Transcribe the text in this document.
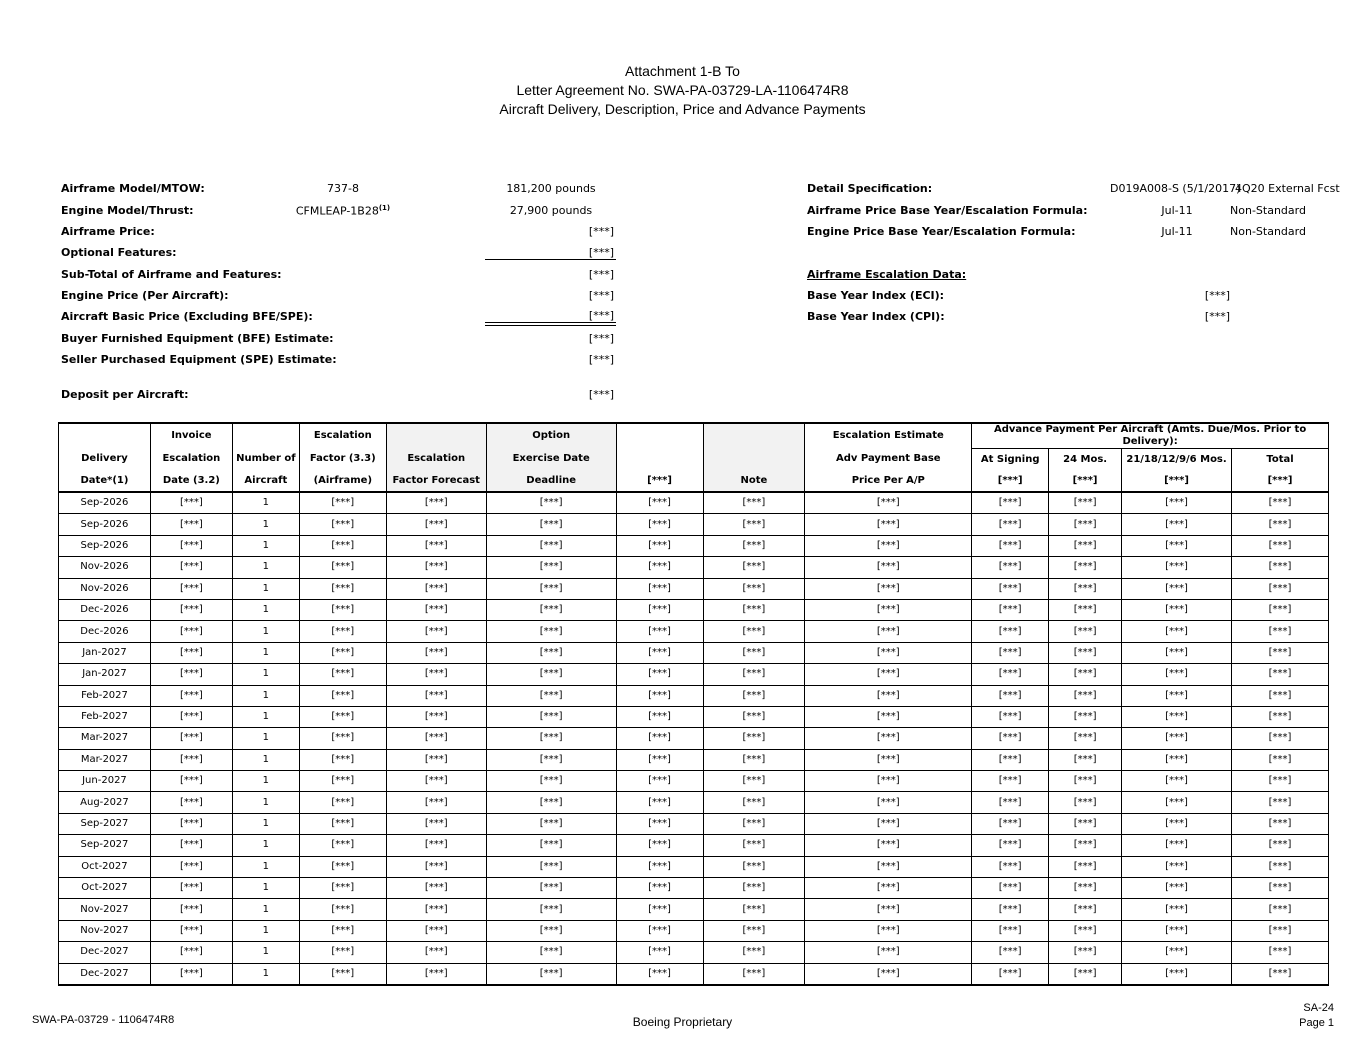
Attachment 1-B To
Letter Agreement No. SWA-PA-03729-LA-1106474R8
Aircraft Delivery, Description, Price and Advance Payments
Airframe Model/MTOW:	737-8	181,200 pounds
Engine Model/Thrust:	CFMLEAP-1B28$^{(1)}$	27,900 pounds
Airframe Price:	[***]
Optional Features:	[***]
Sub-Total of Airframe and Features:	[***]
Engine Price (Per Aircraft):	[***]
Aircraft Basic Price (Excluding BFE/SPE):	[***]
Buyer Furnished Equipment (BFE) Estimate:	[***]
Seller Purchased Equipment (SPE) Estimate:	[***]
Deposit per Aircraft:	[***]
Detail Specification:	D019A008-S (5/1/2017)
4Q20 External Fcst
Airframe Price Base Year/Escalation Formula:	Jul-11	Non-Standard
Engine Price Base Year/Escalation Formula:	Jul-11	Non-Standard
Airframe Escalation Data:
Base Year Index (ECI):	[***]
Base Year Index (CPI):	[***]
	Invoice		Escalation		Option			Escalation Estimate	Advance Payment Per Aircraft (Amts. Due/Mos. Prior to Delivery):			
Delivery	Escalation	Number of	Factor (3.3)	Escalation	Exercise Date			Adv Payment Base	At Signing	24 Mos.	21/18/12/9/6 Mos.	Total
Date*(1)	Date (3.2)	Aircraft	(Airframe)	Factor Forecast	Deadline	[***]	Note	Price Per A/P	[***]	[***]	[***]	[***]
Sep-2026	[***]	1	[***]	[***]	[***]	[***]	[***]	[***]	[***]	[***]	[***]	[***]
Sep-2026	[***]	1	[***]	[***]	[***]	[***]	[***]	[***]	[***]	[***]	[***]	[***]
Sep-2026	[***]	1	[***]	[***]	[***]	[***]	[***]	[***]	[***]	[***]	[***]	[***]
Nov-2026	[***]	1	[***]	[***]	[***]	[***]	[***]	[***]	[***]	[***]	[***]	[***]
Nov-2026	[***]	1	[***]	[***]	[***]	[***]	[***]	[***]	[***]	[***]	[***]	[***]
Dec-2026	[***]	1	[***]	[***]	[***]	[***]	[***]	[***]	[***]	[***]	[***]	[***]
Dec-2026	[***]	1	[***]	[***]	[***]	[***]	[***]	[***]	[***]	[***]	[***]	[***]
Jan-2027	[***]	1	[***]	[***]	[***]	[***]	[***]	[***]	[***]	[***]	[***]	[***]
Jan-2027	[***]	1	[***]	[***]	[***]	[***]	[***]	[***]	[***]	[***]	[***]	[***]
Feb-2027	[***]	1	[***]	[***]	[***]	[***]	[***]	[***]	[***]	[***]	[***]	[***]
Feb-2027	[***]	1	[***]	[***]	[***]	[***]	[***]	[***]	[***]	[***]	[***]	[***]
Mar-2027	[***]	1	[***]	[***]	[***]	[***]	[***]	[***]	[***]	[***]	[***]	[***]
Mar-2027	[***]	1	[***]	[***]	[***]	[***]	[***]	[***]	[***]	[***]	[***]	[***]
Jun-2027	[***]	1	[***]	[***]	[***]	[***]	[***]	[***]	[***]	[***]	[***]	[***]
Aug-2027	[***]	1	[***]	[***]	[***]	[***]	[***]	[***]	[***]	[***]	[***]	[***]
Sep-2027	[***]	1	[***]	[***]	[***]	[***]	[***]	[***]	[***]	[***]	[***]	[***]
Sep-2027	[***]	1	[***]	[***]	[***]	[***]	[***]	[***]	[***]	[***]	[***]	[***]
Oct-2027	[***]	1	[***]	[***]	[***]	[***]	[***]	[***]	[***]	[***]	[***]	[***]
Oct-2027	[***]	1	[***]	[***]	[***]	[***]	[***]	[***]	[***]	[***]	[***]	[***]
Nov-2027	[***]	1	[***]	[***]	[***]	[***]	[***]	[***]	[***]	[***]	[***]	[***]
Nov-2027	[***]	1	[***]	[***]	[***]	[***]	[***]	[***]	[***]	[***]	[***]	[***]
Dec-2027	[***]	1	[***]	[***]	[***]	[***]	[***]	[***]	[***]	[***]	[***]	[***]
Dec-2027	[***]	1	[***]	[***]	[***]	[***]	[***]	[***]	[***]	[***]	[***]	[***]
SWA-PA-03729 - 1106474R8	Boeing Proprietary
SA-24
Page 1
